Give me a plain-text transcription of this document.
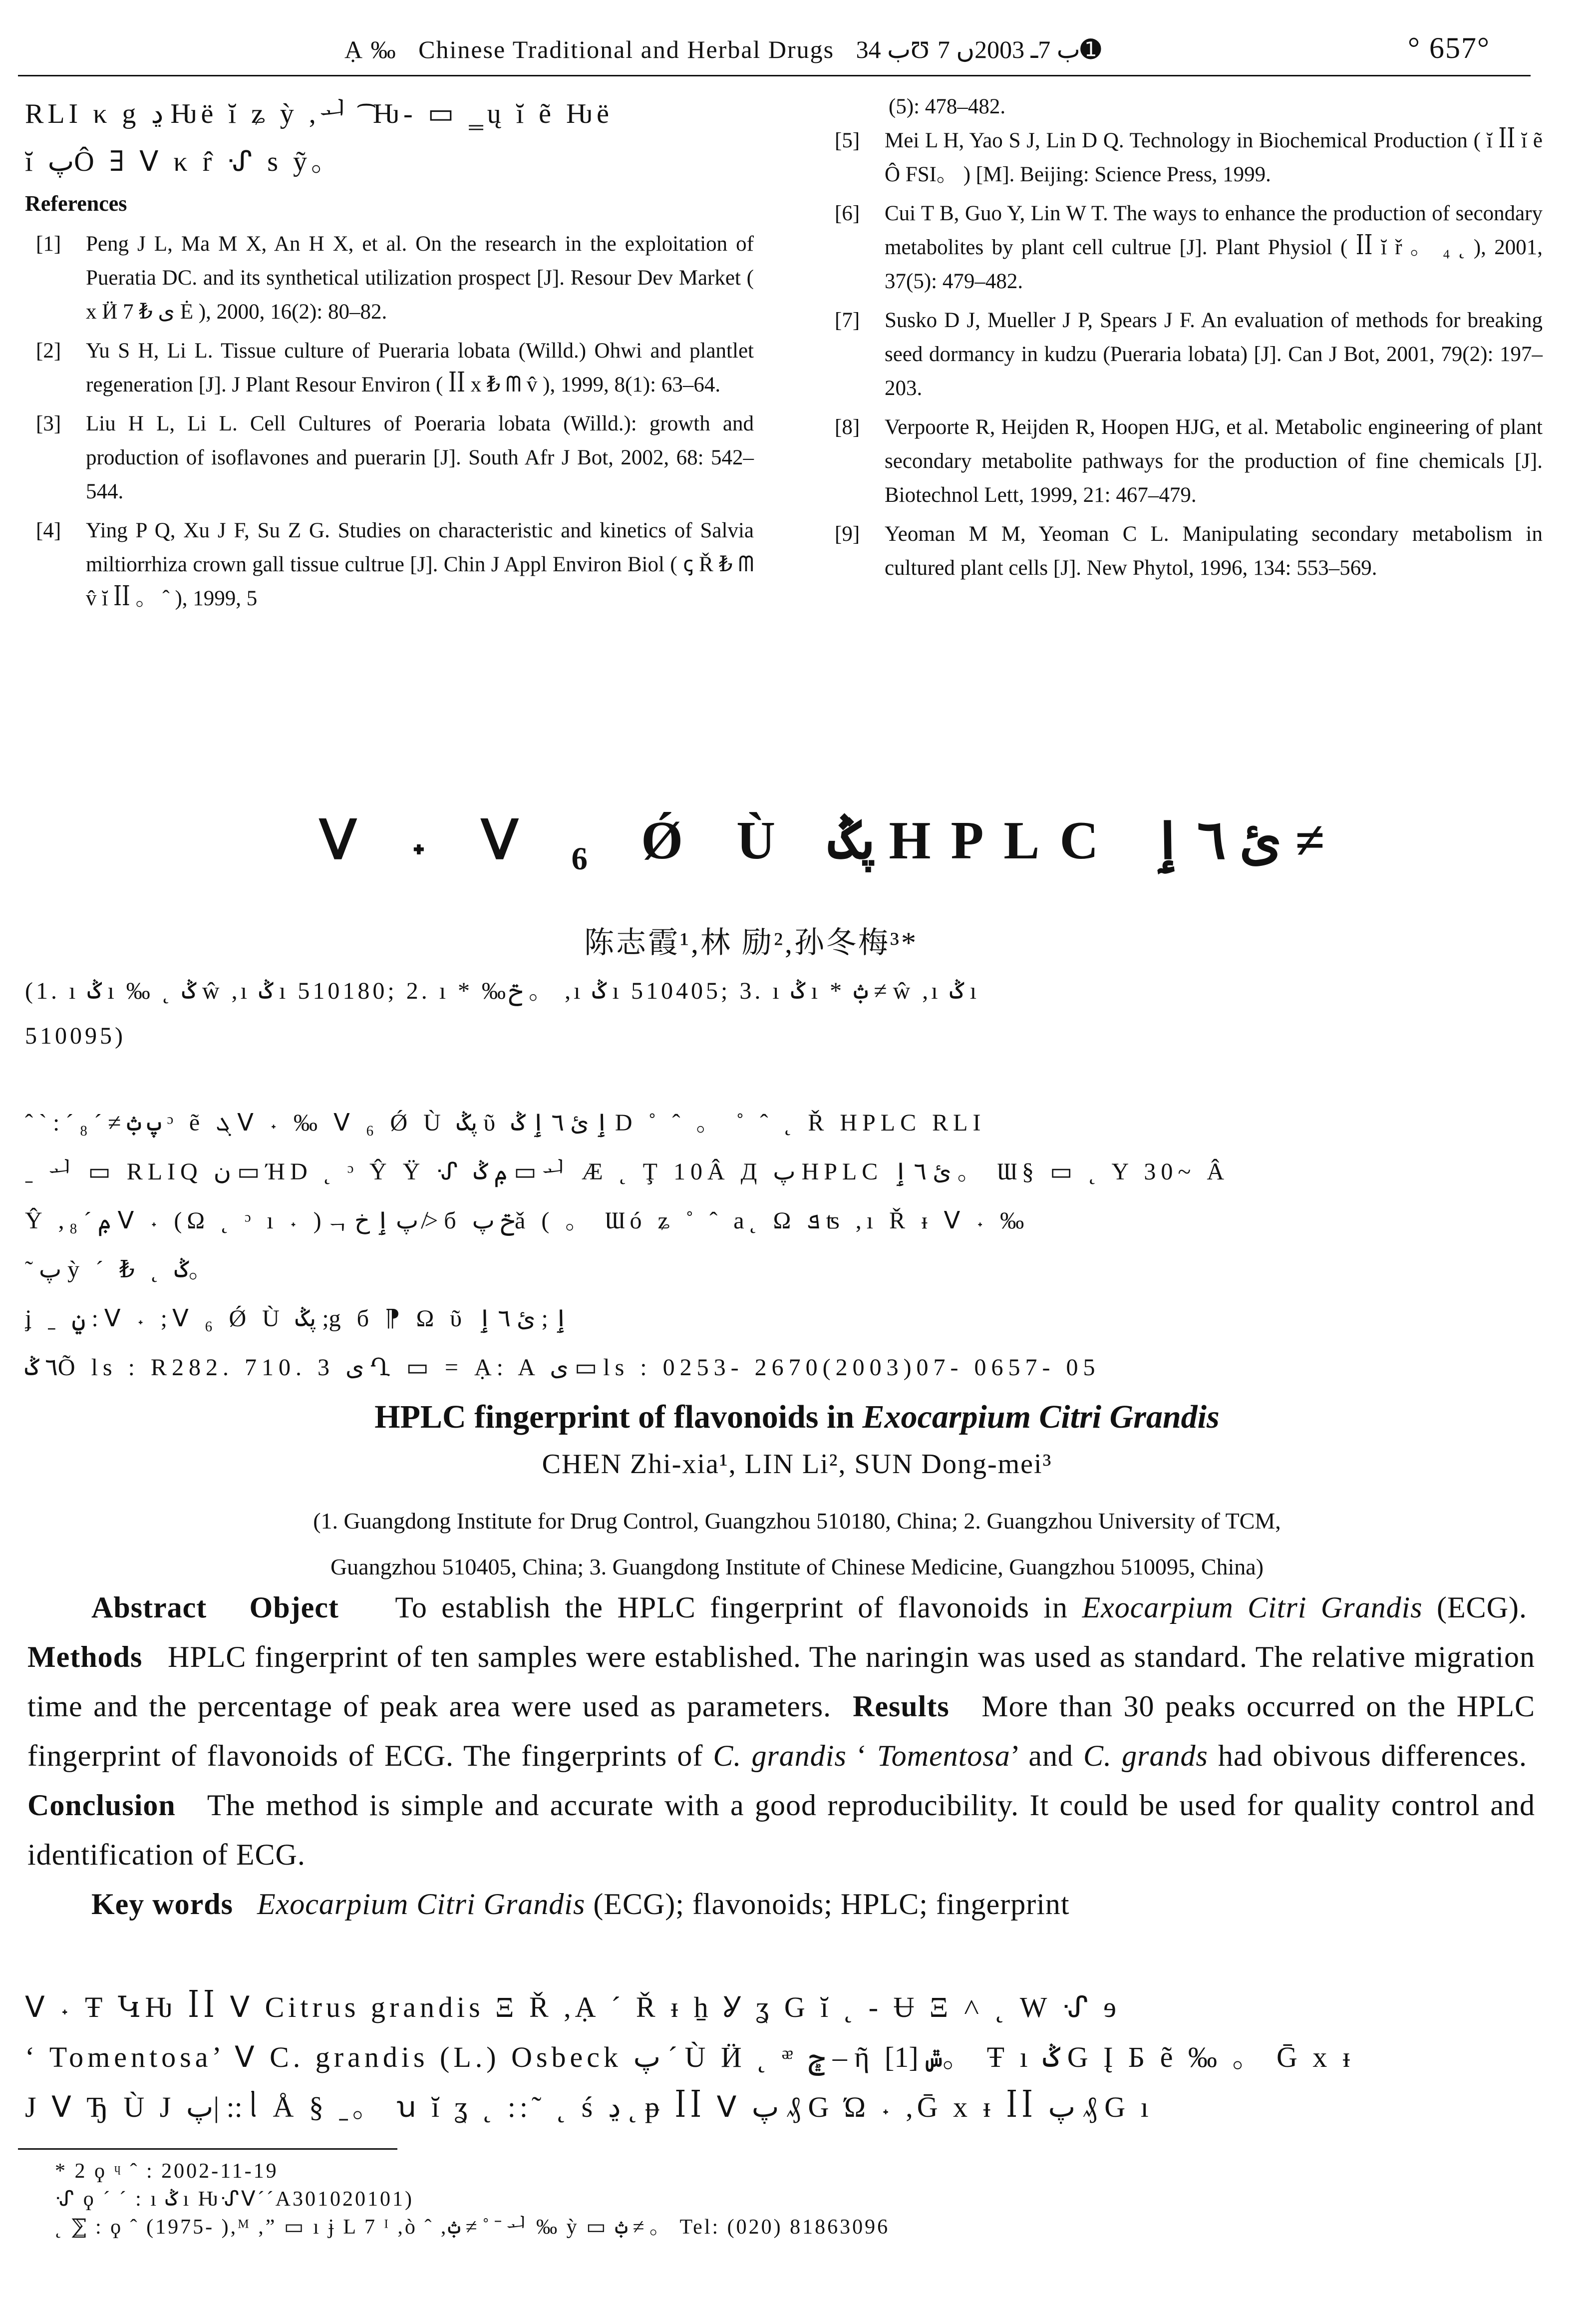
Ạ ‰ Chinese Traditional and Herbal Drugs ب 34Ʊ ب 7ـ 2003ں 7➊	° 657°
RLI κ g ڍ Ƕë ĭ ʑ ỳ ,ᅬ ͡ Ƕ- ▭ ‗ų ĭ ẽ Ƕë
ĭ پÔ ∃ ᐯ κ r̂ ᔙ s ỹ。
References
[1]	Peng J L, Ma M X, An H X, et al. On the research in the exploitation of Pueratia DC. and its synthetical utilization prospect [J]. Resour Dev Market ( x Ӥ ی ₺ 7 Ė ), 2000, 16(2): 80–82.
[2]	Yu S H, Li L. Tissue culture of Pueraria lobata (Willd.) Ohwi and plantlet regeneration [J]. J Plant Resour Environ ( ꟾꟾ x ₺ ᗰ v̂ ), 1999, 8(1): 63–64.
[3]	Liu H L, Li L. Cell Cultures of Poeraria lobata (Willd.): growth and production of isoflavones and puerarin [J]. South Afr J Bot, 2002, 68: 542–544.
[4]	Ying P Q, Xu J F, Su Z G. Studies on characteristic and kinetics of Salvia miltiorrhiza crown gall tissue cultrue [J]. Chin J Appl Environ Biol ( ꞔ Ř ₺ ᗰ v̂ ĭ ꟾꟾ 。 ˆ ), 1999, 5
(5): 478–482.
[5]	Mei L H, Yao S J, Lin D Q. Technology in Biochemical Production ( ĭ ꟾꟾ ĭ ẽ Ô FSI。 ) [M]. Beijing: Science Press, 1999.
[6]	Cui T B, Guo Y, Lin W T. The ways to enhance the production of secondary metabolites by plant cell cultrue [J]. Plant Physiol ( ꟾꟾ ĭ ř 。 ₄ ˛ ), 2001, 37(5): 479–482.
[7]	Susko D J, Mueller J P, Spears J F. An evaluation of methods for breaking seed dormancy in kudzu (Pueraria lobata) [J]. Can J Bot, 2001, 79(2): 197–203.
[8]	Verpoorte R, Heijden R, Hoopen HJG, et al. Metabolic engineering of plant secondary metabolite pathways for the production of fine chemicals [J]. Biotechnol Lett, 1999, 21: 467–479.
[9]	Yeoman M M, Yeoman C L. Manipulating secondary metabolism in cultured plant cells [J]. New Phytol, 1996, 134: 553–569.
ᐯ ˖ ᐯ ₆ Ǿ Ù پݣ HPLC ئ ٦ ٳ ≠
陈志霞¹,林 励²,孙冬梅³*
(1. ı ݣ ı ‰ ˛ ݣ ŵ ,ı ݣ ı 510180; 2. ı * ‰ݗ 。 ,ı ݣ ı 510405; 3. ı ݣ ı * ݑ ≠ ŵ ,ı ݣ ı
510095)
ˆ ˋ : ˊ پ ݑ ≠ ˊ ₈ ᵓ ẽ ܓ ᐯ ˖ ‰ ᐯ ₆ Ǿ Ù پݣ ῦ ٳ ئ ٦ ٳ ݣ D ˚ ˆ 。 ˚ ˆ ˛ Ř HPLC RLI
ˍ ᅬ ▭ RLIQ ن ▭ ΉD ˛ ᵓ Ŷ Ÿ ᔙ ݦ ݣ ▭ ᅬ Æ ˛ Ţ 10Â Д پ HPLC ئ ٦ ٳ 。 Ɯ§ ▭ ˛ Y 30~ Â
Ŷ ,ݦ ˊ ₈ ᐯ ˖ (Ω ˛ ᵓ ı ˖ )ᆨپ ٳ خ ≯ б ݗ پǎ ( 。 Ɯó ʑ ˚ ˆ a˛ Ω ܦ ʦ ,ı Ř ᵻ ᐯ ˖ ‰
˜ پ ỳ ˊ ₺ ˛ ݣ。
ʝ ˍ ݧ : ᐯ ˖ ;ᐯ ₆ Ǿ Ù پݣ ;g б ⁋ Ω ῦ ٳ ; ئ ٦ ٳ
٦ ݣÕ ls : R282. 710. 3 ی Ղ ▭ = Ạ: A ی ▭ ls : 0253- 2670(2003)07- 0657- 05
HPLC fingerprint of flavonoids in Exocarpium Citri Grandis
CHEN Zhi-xia¹, LIN Li², SUN Dong-mei³
(1. Guangdong Institute for Drug Control, Guangzhou 510180, China; 2. Guangzhou University of TCM,
Guangzhou 510405, China; 3. Guangdong Institute of Chinese Medicine, Guangzhou 510095, China)
Abstract Object To establish the HPLC fingerprint of flavonoids in Exocarpium Citri Grandis (ECG).  Methods HPLC fingerprint of ten samples were established. The naringin was used as standard. The relative migration time and the percentage of peak area were used as parameters. Results More than 30 peaks occurred on the HPLC fingerprint of flavonoids of ECG. The fingerprints of C. grandis ‘ Tomentosa’ and C. grands had obivous differences.  Conclusion The method is simple and accurate with a good reproducibility. It could be used for quality control and identification of ECG.
Key words Exocarpium Citri Grandis (ECG); flavonoids; HPLC; fingerprint
ᐯ ˖ Ŧ ԿǶ ꟾꟾ ᐯ Citrus grandis Ξ Ř ,Ạ ˊ Ř ᵻ ẖ Ỿ ʓ G ĭ ˛ - Ʉ Ξ ˄ ˛ W ᔙ ɘ
‘ Tomentosa’ ᐯ C. grandis (L.) Osbeck پ ˊ Ù Ӥ ˛ ᵆ ݯ – ῆ ݜ [1]。 Ŧ ı ݣ G Į Б ẽ ‰ 。 Ḡ x ᵻ
J ᐯ Ђ Ù J پ| :: ᥣ Å § ˍ。 ꭒ ĭ ʓ ˛ ::˜ ˛ ś ڍ ˛ ᵽ ꟾꟾ ᐯ پ ₰ G Ώ ˖ ,Ḡ x ᵻ ꟾꟾ پ ₰ G ı
* 2 ϙ ᶣ ˆ : 2002-11-19
ᔙ ϙ ˊ ˊ : ı ݣ ı ǶᔙᐯˊˊA301020101)
˛ ⅀ : ϙ ˆ (1975- ),ᴹ ,” ▭ ı ɉ L 7 ᴵ ,ò ˆ ,ݑ ≠ ˚ ˉ ᅬ ‰ ỳ ▭ ݑ ≠ 。 Tel: (020) 81863096
